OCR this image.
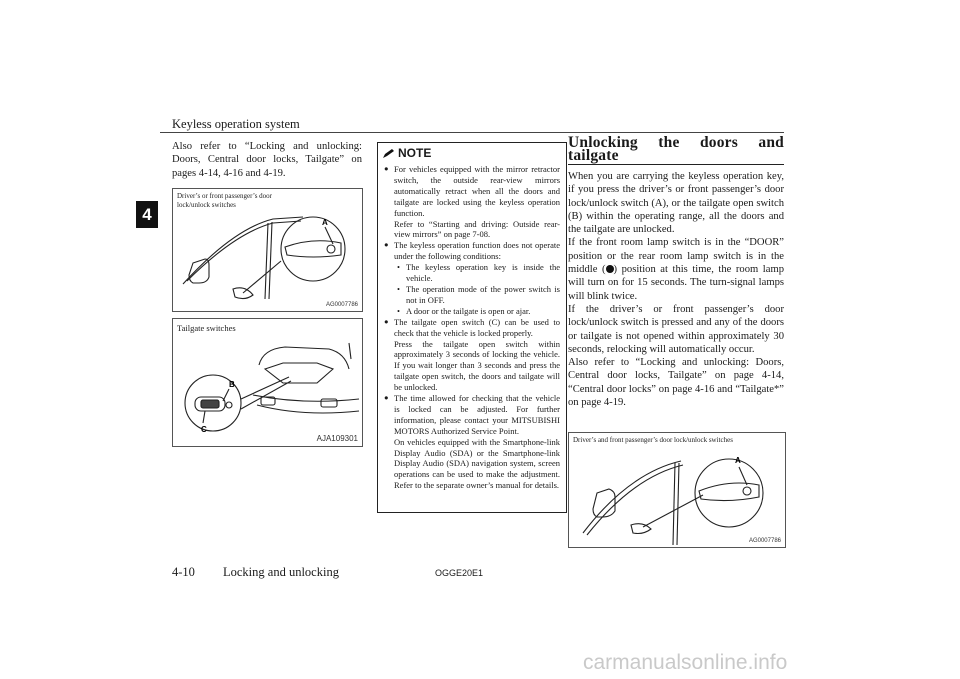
Keyless operation system
4
Also refer to “Locking and unlocking: Doors, Central door locks, Tailgate” on pages 4-14, 4-16 and 4-19.
A
Driver’s or front passenger’s door
lock/unlock switches
AG0007786
B
C
Tailgate switches
AJA109301
NOTE

● For vehicles equipped with the mirror retractor switch, the outside rear-view mirrors automatically retract when all the doors and tailgate are locked using the keyless operation function.

Refer to “Starting and driving: Outside rear-view mirrors” on page 7-08.

● The keyless operation function does not operate under the following conditions:

• The keyless operation key is inside the vehicle.
• The operation mode of the power switch is not in OFF.
• A door or the tailgate is open or ajar.

● The tailgate open switch (C) can be used to check that the vehicle is locked properly.

Press the tailgate open switch within approximately 3 seconds of locking the vehicle. If you wait longer than 3 seconds and press the tailgate open switch, the doors and tailgate will be unlocked.

● The time allowed for checking that the vehicle is locked can be adjusted. For further information, please contact your MITSUBISHI MOTORS Authorized Service Point.

On vehicles equipped with the Smartphone-link Display Audio (SDA) or the Smartphone-link Display Audio (SDA) navigation system, screen operations can be used to make the adjustment. Refer to the separate owner’s manual for details.

Unlocking the doors and tailgate

When you are carrying the keyless operation key, if you press the driver’s or front passenger’s door lock/unlock switch (A), or the tailgate open switch (B) within the operating range, all the doors and the tailgate are unlocked.

If the front room lamp switch is in the “DOOR” position or the rear room lamp switch is in the middle ( ) position at this time, the room lamp will turn on for 15 seconds. The turn-signal lamps will blink twice.

If the driver’s or front passenger’s door lock/unlock switch is pressed and any of the doors or tailgate is not opened within approximately 30 seconds, relocking will automatically occur.

Also refer to “Locking and unlocking: Doors, Central door locks, Tailgate” on page 4-14, “Central door locks” on page 4-16 and “Tailgate*” on page 4-19.

A
Driver’s and front passenger’s door lock/unlock switches
AG0007786
4-10 Locking and unlocking	OGGE20E1
carmanualsonline.info
